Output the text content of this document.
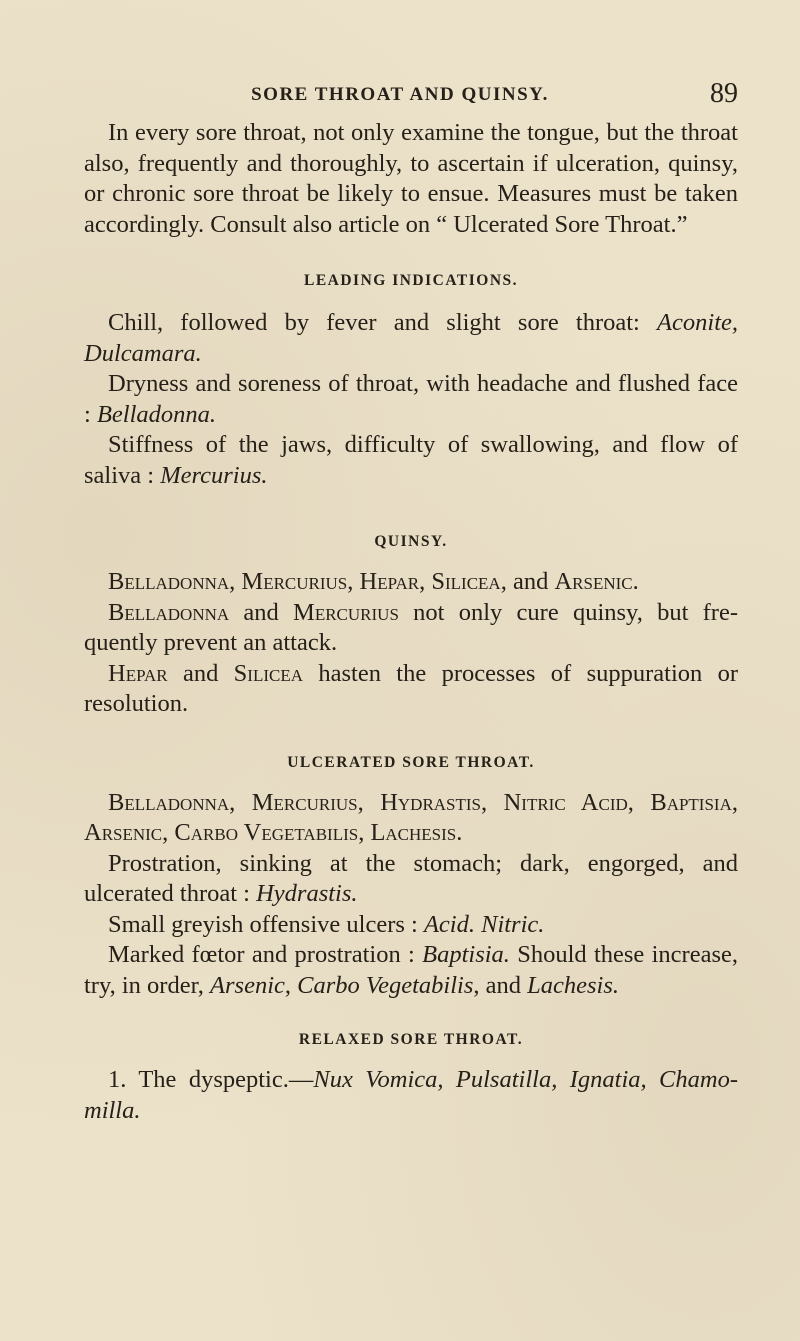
SORE THROAT AND QUINSY.	89

In every sore throat, not only examine the tongue, but the throat also, frequently and thoroughly, to ascertain if ulceration, quinsy, or chronic sore throat be likely to ensue. Measures must be taken accordingly. Consult also article on “ Ulcerated Sore Throat.”

LEADING INDICATIONS.

Chill, followed by fever and slight sore throat: Aconite, Dulcamara.

Dryness and soreness of throat, with headache and flushed face : Belladonna.

Stiffness of the jaws, difficulty of swallowing, and flow of saliva : Mercurius.

QUINSY.

Belladonna, Mercurius, Hepar, Silicea, and Arsenic.

Belladonna and Mercurius not only cure quinsy, but frequently prevent an attack.

Hepar and Silicea hasten the processes of suppuration or resolution.

ULCERATED SORE THROAT.

Belladonna, Mercurius, Hydrastis, Nitric Acid, Baptisia, Arsenic, Carbo Vegetabilis, Lachesis.

Prostration, sinking at the stomach; dark, engorged, and ulcerated throat : Hydrastis.

Small greyish offensive ulcers : Acid. Nitric.

Marked fœtor and prostration : Baptisia. Should these increase, try, in order, Arsenic, Carbo Vegetabilis, and Lachesis.

RELAXED SORE THROAT.

1. The dyspeptic.—Nux Vomica, Pulsatilla, Ignatia, Chamomilla.
